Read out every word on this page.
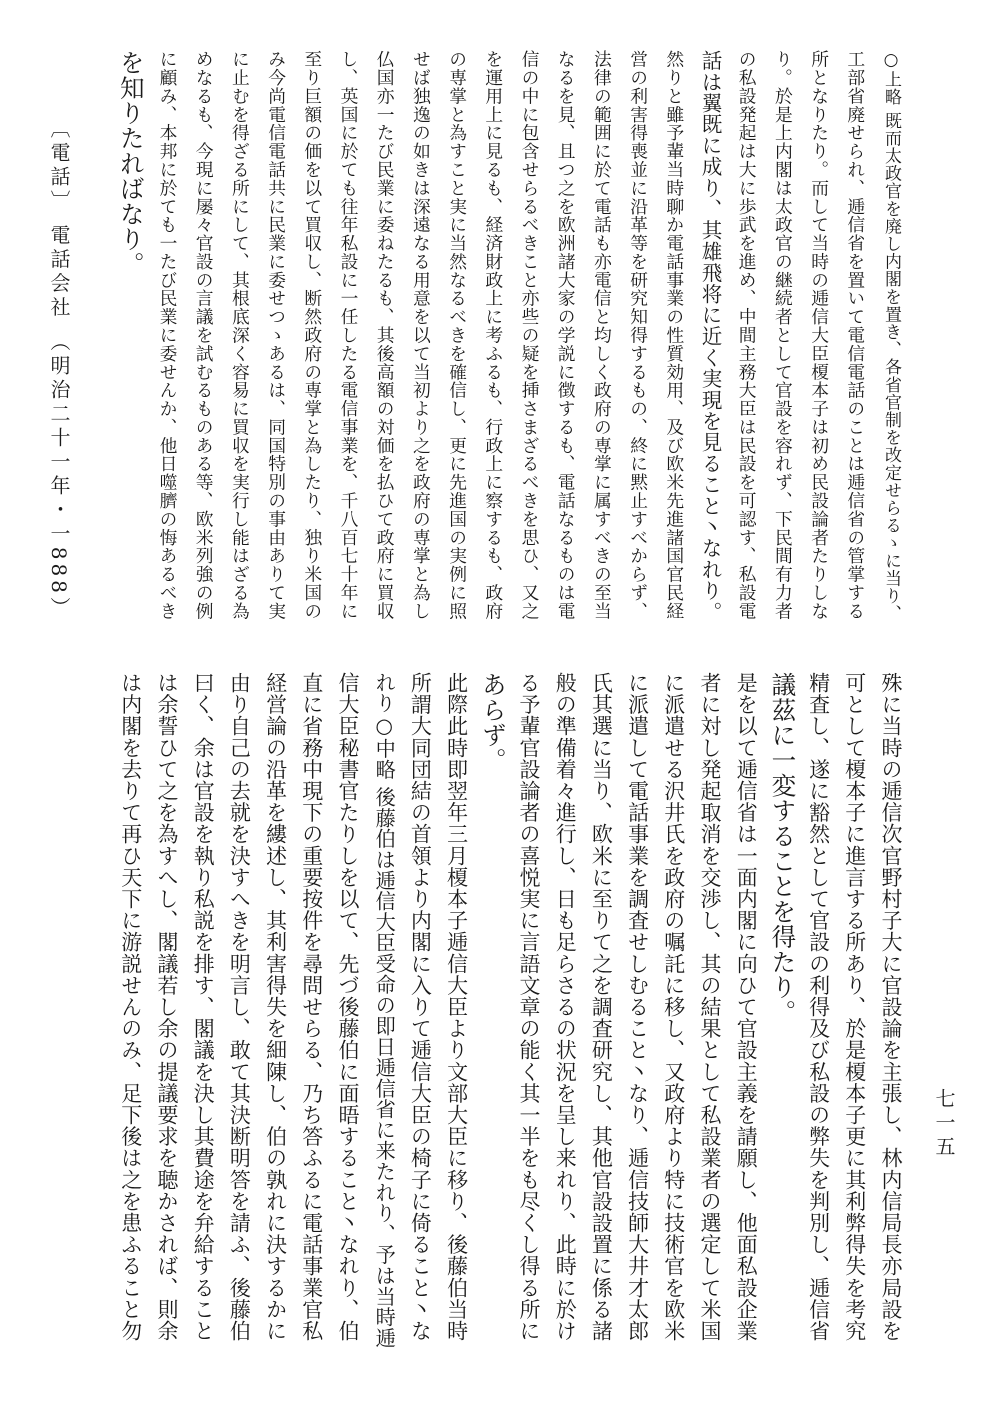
〔電話〕 電話会社 （明治二十一年・一888）
七一五
○上略 既而太政官を廃し内閣を置き、各省官制を改定せらるゝに当り、
工部省廃せられ、逓信省を置いて電信電話のことは逓信省の管掌する
所となりたり。而して当時の逓信大臣榎本子は初め民設論者たりしな
り。於是上内閣は太政官の継続者として官設を容れず、下民間有力者
の私設発起は大に歩武を進め、中間主務大臣は民設を可認す、私設電
話は翼既に成り、其雄飛将に近く実現を見ること丶なれり。
然りと雖予輩当時聊か電話事業の性質効用、及び欧米先進諸国官民経
営の利害得喪並に沿革等を研究知得するもの、終に黙止すべからず、
法律の範囲に於て電話も亦電信と均しく政府の専掌に属すべきの至当
なるを見、且つ之を欧洲諸大家の学説に徴するも、電話なるものは電
信の中に包含せらるべきこと亦些の疑を挿さまざるべきを思ひ、又之
を運用上に見るも、経済財政上に考ふるも、行政上に察するも、政府
の専掌と為すこと実に当然なるべきを確信し、更に先進国の実例に照
せば独逸の如きは深遠なる用意を以て当初より之を政府の専掌と為し
仏国亦一たび民業に委ねたるも、其後高額の対価を払ひて政府に買収
し、英国に於ても往年私設に一任したる電信事業を、千八百七十年に
至り巨額の価を以て買収し、断然政府の専掌と為したり、独り米国の
み今尚電信電話共に民業に委せつゝあるは、同国特別の事由ありて実
に止むを得ざる所にして、其根底深く容易に買収を実行し能はざる為
めなるも、今現に屡々官設の言議を試むるものある等、欧米列強の例
に顧み、本邦に於ても一たび民業に委せんか、他日噬臍の悔あるべき
を知りたればなり。
殊に当時の逓信次官野村子大に官設論を主張し、林内信局長亦局設を
可として榎本子に進言する所あり、於是榎本子更に其利弊得失を考究
精査し、遂に豁然として官設の利得及び私設の弊失を判別し、逓信省
議茲に一変することを得たり。
是を以て逓信省は一面内閣に向ひて官設主義を請願し、他面私設企業
者に対し発起取消を交渉し、其の結果として私設業者の選定して米国
に派遣せる沢井氏を政府の嘱託に移し、又政府より特に技術官を欧米
に派遣して電話事業を調査せしむること丶なり、逓信技師大井才太郎
氏其選に当り、欧米に至りて之を調査研究し、其他官設設置に係る諸
般の準備着々進行し、日も足らさるの状況を呈し来れり、此時に於け
る予輩官設論者の喜悦実に言語文章の能く其一半をも尽くし得る所に
あらず。
此際此時即翌年三月榎本子逓信大臣より文部大臣に移り、後藤伯当時
所謂大同団結の首領より内閣に入りて逓信大臣の椅子に倚ること丶な
れり○中略 後藤伯は逓信大臣受命の即日逓信省に来たれり、予は当時逓
信大臣秘書官たりしを以て、先づ後藤伯に面晤すること丶なれり、伯
直に省務中現下の重要按件を尋問せらる、乃ち答ふるに電話事業官私
経営論の沿革を縷述し、其利害得失を細陳し、伯の孰れに決するかに
由り自己の去就を決すへきを明言し、敢て其決断明答を請ふ、後藤伯
曰く、余は官設を執り私説を排す、閣議を決し其費途を弁給すること
は余誓ひて之を為すへし、閣議若し余の提議要求を聴かされば、則余
は内閣を去りて再ひ天下に游説せんのみ、足下後は之を患ふること勿
